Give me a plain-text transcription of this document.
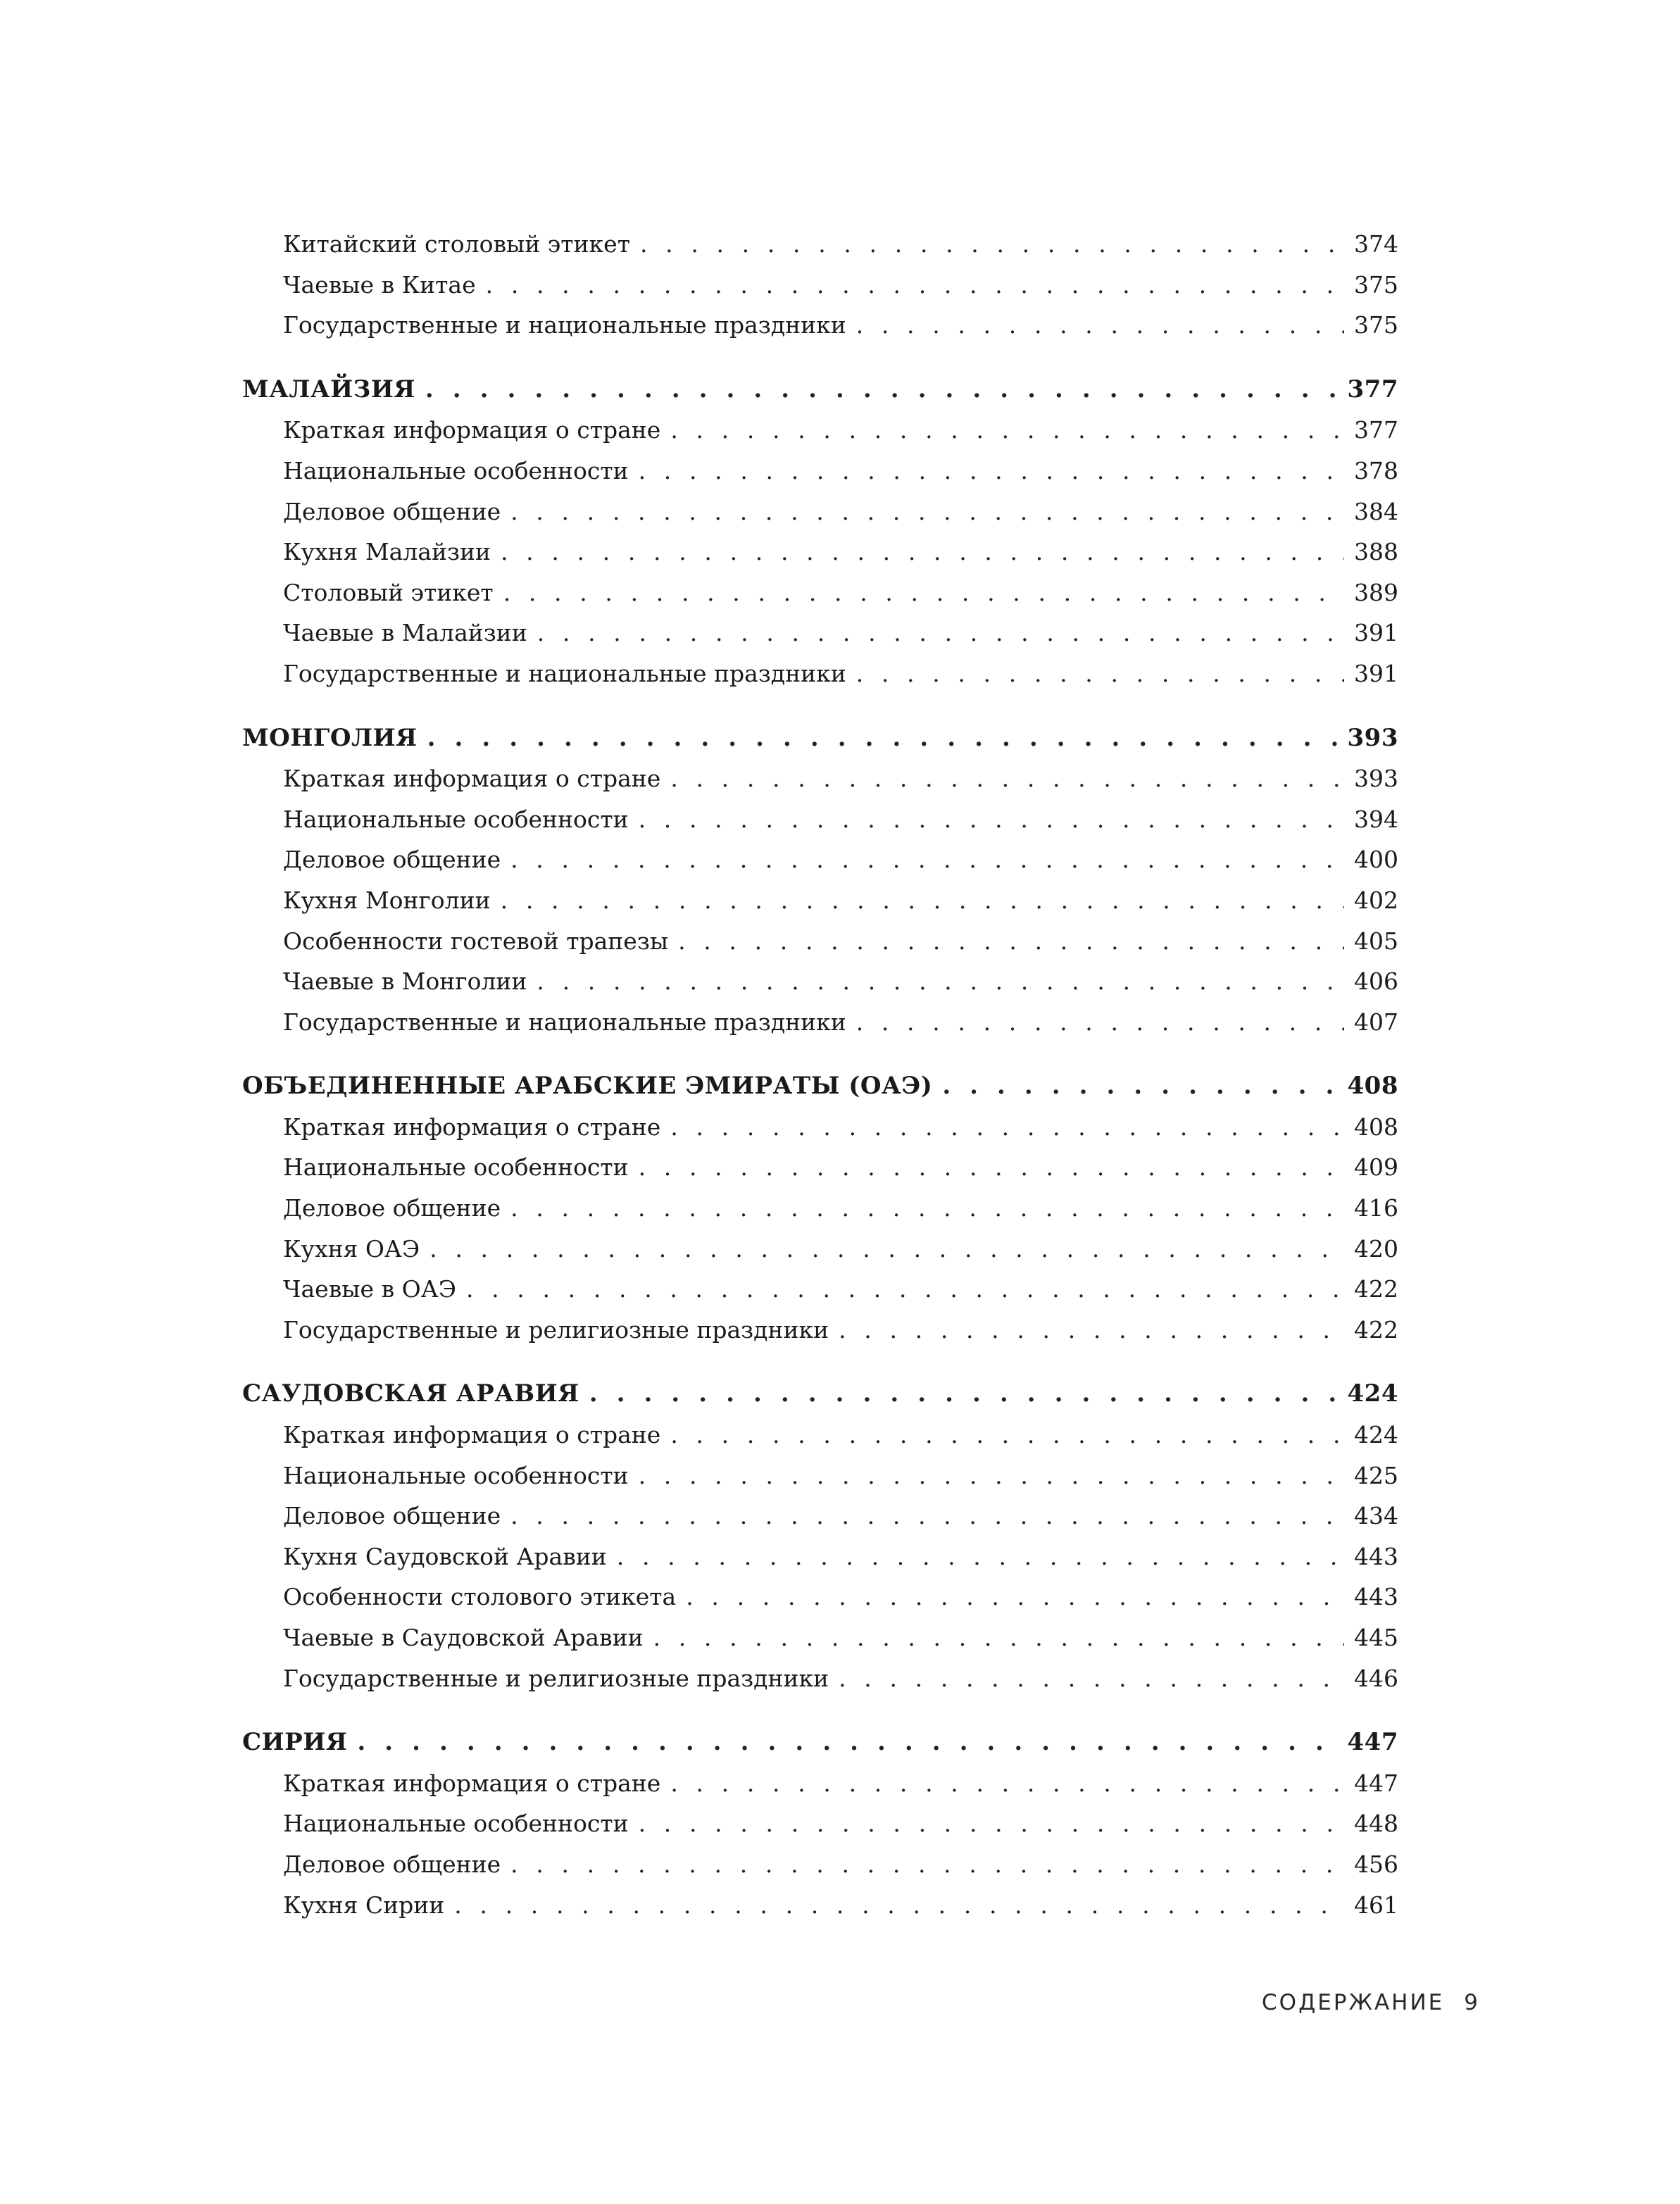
Китайский столовый этикет . . .	374
Чаевые в Китае . . .	375
Государственные и национальные праздники . . .	375
МАЛАЙЗИЯ . . .	377
Краткая информация о стране . . .	377
Национальные особенности . . .	378
Деловое общение . . .	384
Кухня Малайзии . . .	388
Столовый этикет . . .	389
Чаевые в Малайзии . . .	391
Государственные и национальные праздники . . .	391
МОНГОЛИЯ . . .	393
Краткая информация о стране . . .	393
Национальные особенности . . .	394
Деловое общение . . .	400
Кухня Монголии . . .	402
Особенности гостевой трапезы . . .	405
Чаевые в Монголии . . .	406
Государственные и национальные праздники . . .	407
ОБЪЕДИНЕННЫЕ АРАБСКИЕ ЭМИРАТЫ (ОАЭ) . . .	408
Краткая информация о стране . . .	408
Национальные особенности . . .	409
Деловое общение . . .	416
Кухня ОАЭ . . .	420
Чаевые в ОАЭ . . .	422
Государственные и религиозные праздники . . .	422
САУДОВСКАЯ АРАВИЯ . . .	424
Краткая информация о стране . . .	424
Национальные особенности . . .	425
Деловое общение . . .	434
Кухня Саудовской Аравии . . .	443
Особенности столового этикета . . .	443
Чаевые в Саудовской Аравии . . .	445
Государственные и религиозные праздники . . .	446
СИРИЯ . . .	447
Краткая информация о стране . . .	447
Национальные особенности . . .	448
Деловое общение . . .	456
Кухня Сирии . . .	461
СОДЕРЖАНИЕ 9
